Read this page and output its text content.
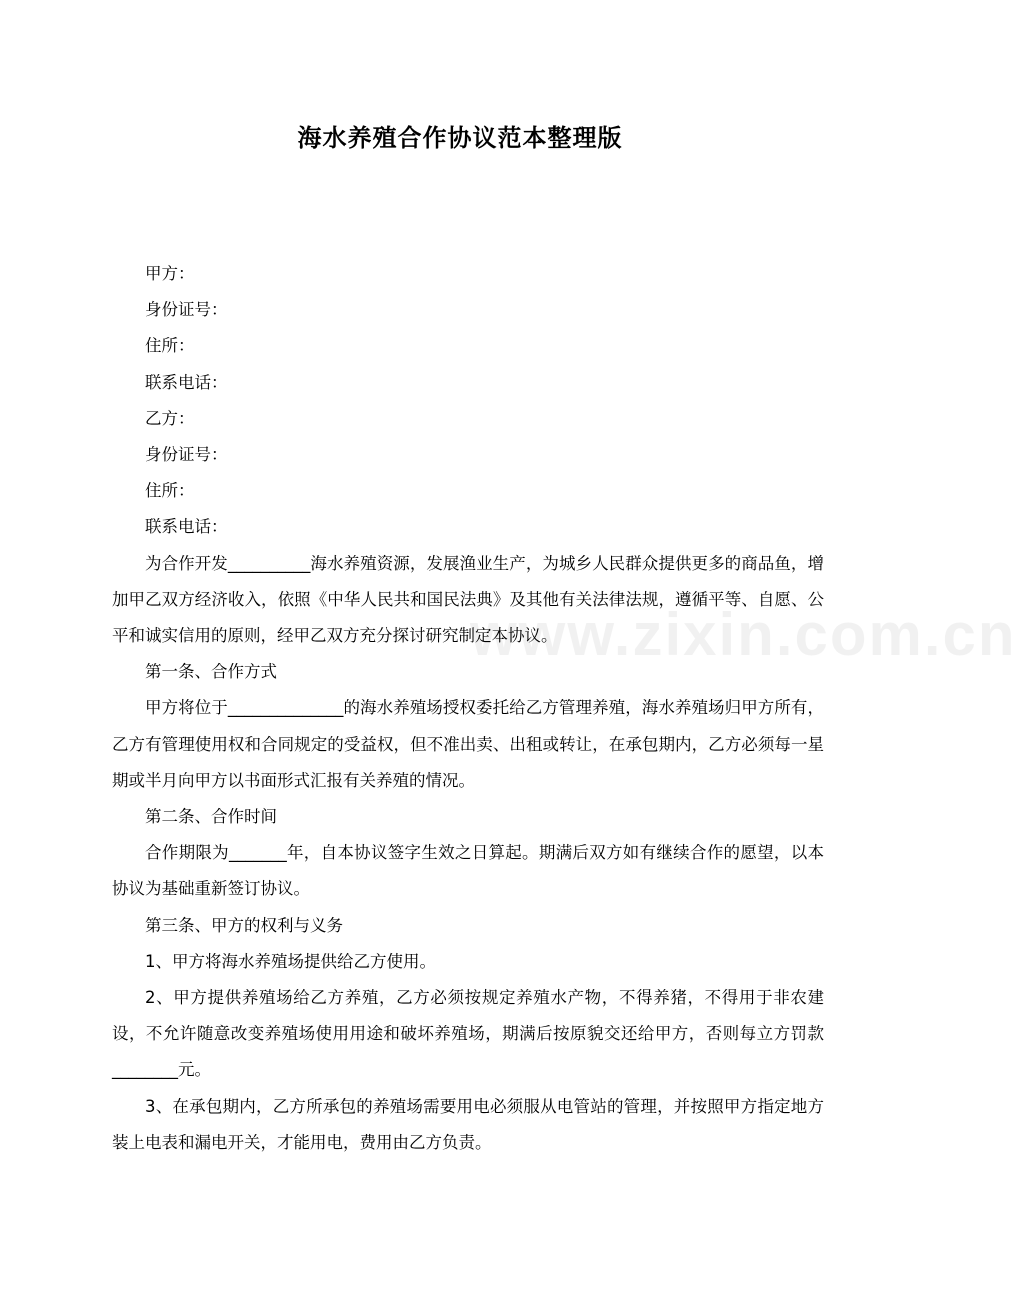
www.zixin.com.cn
海水养殖合作协议范本整理版

甲方：

身份证号：

住所：

联系电话：

乙方：

身份证号：

住所：

联系电话：

为合作开发__________海水养殖资源，发展渔业生产，为城乡人民群众提供更多的商品鱼，增加甲乙双方经济收入，依照《中华人民共和国民法典》及其他有关法律法规，遵循平等、自愿、公平和诚实信用的原则，经甲乙双方充分探讨研究制定本协议。

第一条、合作方式

甲方将位于______________的海水养殖场授权委托给乙方管理养殖，海水养殖场归甲方所有，乙方有管理使用权和合同规定的受益权，但不准出卖、出租或转让，在承包期内，乙方必须每一星期或半月向甲方以书面形式汇报有关养殖的情况。

第二条、合作时间

合作期限为_______年，自本协议签字生效之日算起。期满后双方如有继续合作的愿望，以本协议为基础重新签订协议。

第三条、甲方的权利与义务

1、甲方将海水养殖场提供给乙方使用。

2、甲方提供养殖场给乙方养殖，乙方必须按规定养殖水产物，不得养猪，不得用于非农建设，不允许随意改变养殖场使用用途和破坏养殖场，期满后按原貌交还给甲方，否则每立方罚款________元。

3、在承包期内，乙方所承包的养殖场需要用电必须服从电管站的管理，并按照甲方指定地方装上电表和漏电开关，才能用电，费用由乙方负责。
